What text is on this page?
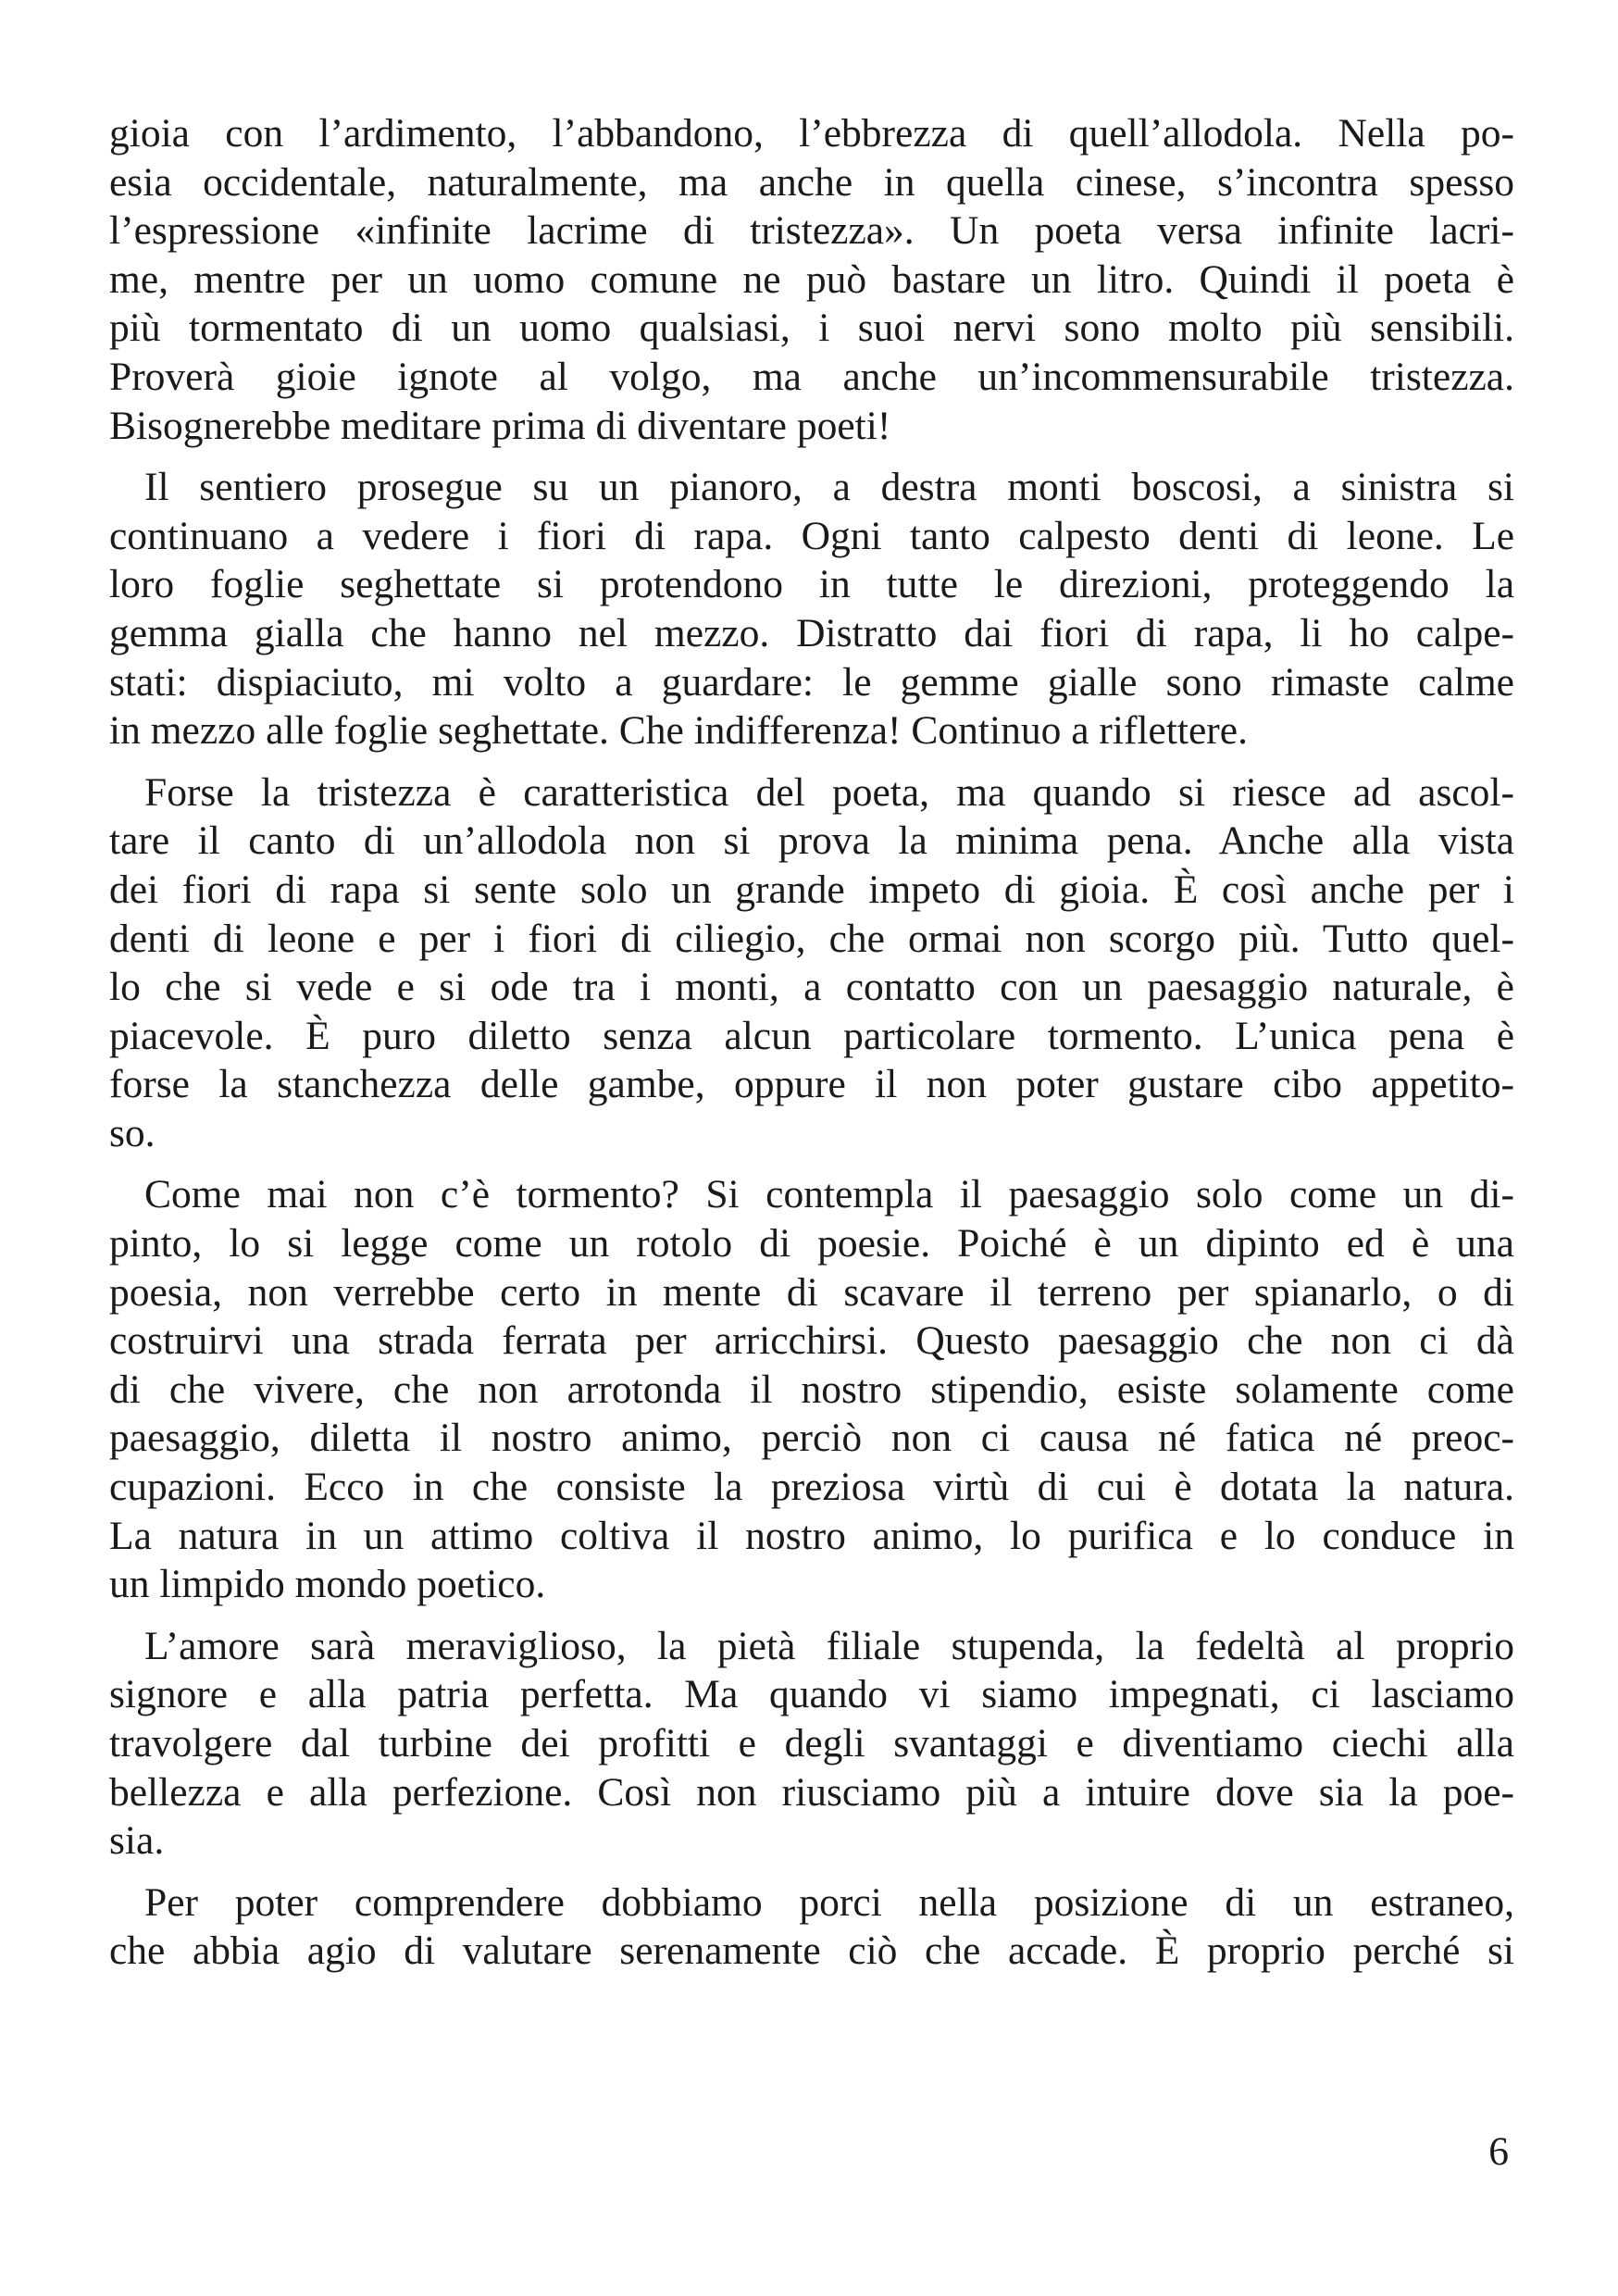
gioia con l’ardimento, l’abbandono, l’ebbrezza di quell’allodola. Nella po-
esia occidentale, naturalmente, ma anche in quella cinese, s’incontra spesso
l’espressione «infinite lacrime di tristezza». Un poeta versa infinite lacri-
me, mentre per un uomo comune ne può bastare un litro. Quindi il poeta è
più tormentato di un uomo qualsiasi, i suoi nervi sono molto più sensibili.
Proverà gioie ignote al volgo, ma anche un’incommensurabile tristezza.
Bisognerebbe meditare prima di diventare poeti!

Il sentiero prosegue su un pianoro, a destra monti boscosi, a sinistra si
continuano a vedere i fiori di rapa. Ogni tanto calpesto denti di leone. Le
loro foglie seghettate si protendono in tutte le direzioni, proteggendo la
gemma gialla che hanno nel mezzo. Distratto dai fiori di rapa, li ho calpe-
stati: dispiaciuto, mi volto a guardare: le gemme gialle sono rimaste calme
in mezzo alle foglie seghettate. Che indifferenza! Continuo a riflettere.

Forse la tristezza è caratteristica del poeta, ma quando si riesce ad ascol-
tare il canto di un’allodola non si prova la minima pena. Anche alla vista
dei fiori di rapa si sente solo un grande impeto di gioia. È così anche per i
denti di leone e per i fiori di ciliegio, che ormai non scorgo più. Tutto quel-
lo che si vede e si ode tra i monti, a contatto con un paesaggio naturale, è
piacevole. È puro diletto senza alcun particolare tormento. L’unica pena è
forse la stanchezza delle gambe, oppure il non poter gustare cibo appetito-
so.

Come mai non c’è tormento? Si contempla il paesaggio solo come un di-
pinto, lo si legge come un rotolo di poesie. Poiché è un dipinto ed è una
poesia, non verrebbe certo in mente di scavare il terreno per spianarlo, o di
costruirvi una strada ferrata per arricchirsi. Questo paesaggio che non ci dà
di che vivere, che non arrotonda il nostro stipendio, esiste solamente come
paesaggio, diletta il nostro animo, perciò non ci causa né fatica né preoc-
cupazioni. Ecco in che consiste la preziosa virtù di cui è dotata la natura.
La natura in un attimo coltiva il nostro animo, lo purifica e lo conduce in
un limpido mondo poetico.

L’amore sarà meraviglioso, la pietà filiale stupenda, la fedeltà al proprio
signore e alla patria perfetta. Ma quando vi siamo impegnati, ci lasciamo
travolgere dal turbine dei profitti e degli svantaggi e diventiamo ciechi alla
bellezza e alla perfezione. Così non riusciamo più a intuire dove sia la poe-
sia.

Per poter comprendere dobbiamo porci nella posizione di un estraneo,
che abbia agio di valutare serenamente ciò che accade. È proprio perché si

6
